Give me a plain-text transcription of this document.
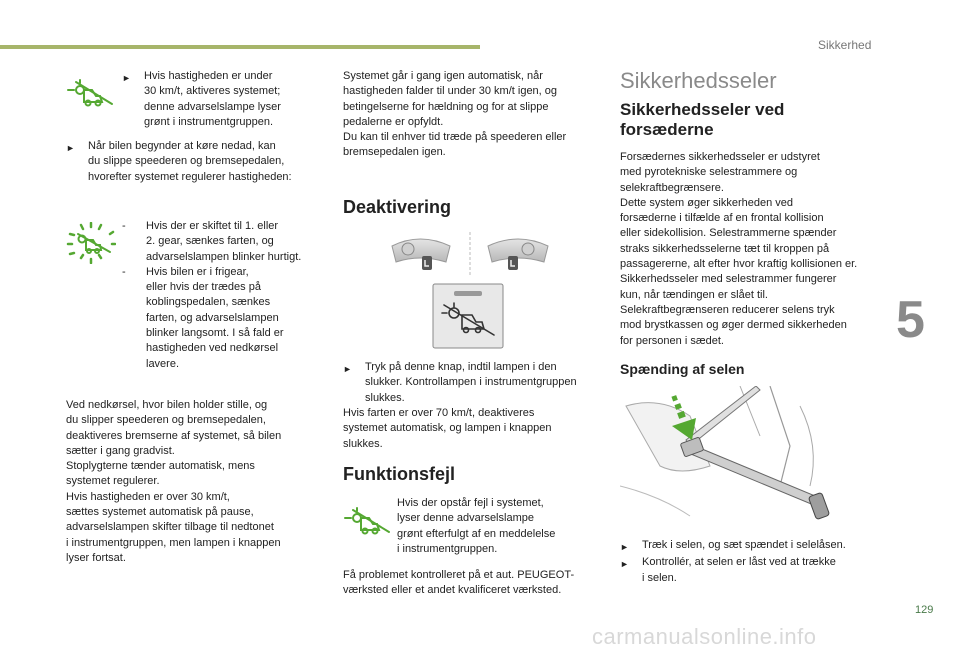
Sikkerhed
5
129
carmanualsonline.info
►	Hvis hastigheden er under
30 km/t, aktiveres systemet;
denne advarselslampe lyser
grønt i instrumentgruppen.
►	Når bilen begynder at køre nedad, kan
du slippe speederen og bremsepedalen,
hvorefter systemet regulerer hastigheden:
-	Hvis der er skiftet til 1. eller
2. gear, sænkes farten, og
advarselslampen blinker hurtigt.
-	Hvis bilen er i frigear,
eller hvis der trædes på
koblingspedalen, sænkes
farten, og advarselslampen
blinker langsomt. I så fald er
hastigheden ved nedkørsel
lavere.
Ved nedkørsel, hvor bilen holder stille, og
du slipper speederen og bremsepedalen,
deaktiveres bremserne af systemet, så bilen
sætter i gang gradvist.
Stoplygterne tænder automatisk, mens
systemet regulerer.
Hvis hastigheden er over 30 km/t,
sættes systemet automatisk på pause,
advarselslampen skifter tilbage til nedtonet
i instrumentgruppen, men lampen i knappen
lyser fortsat.
Systemet går i gang igen automatisk, når
hastigheden falder til under 30 km/t igen, og
betingelserne for hældning og for at slippe
pedalerne er opfyldt.
Du kan til enhver tid træde på speederen eller
bremsepedalen igen.
Deaktivering
►	Tryk på denne knap, indtil lampen i den
slukker. Kontrollampen i instrumentgruppen
slukkes.
Hvis farten er over 70 km/t, deaktiveres
systemet automatisk, og lampen i knappen
slukkes.
Funktionsfejl
Hvis der opstår fejl i systemet,
lyser denne advarselslampe
grønt efterfulgt af en meddelelse
i instrumentgruppen.
Få problemet kontrolleret på et aut. PEUGEOT-
værksted eller et andet kvalificeret værksted.
Sikkerhedsseler
Sikkerhedsseler ved
forsæderne
Forsædernes sikkerhedsseler er udstyret
med pyrotekniske selestrammere og
selekraftbegrænsere.
Dette system øger sikkerheden ved
forsæderne i tilfælde af en frontal kollision
eller sidekollision. Selestrammerne spænder
straks sikkerhedsselerne tæt til kroppen på
passagererne, alt efter hvor kraftig kollisionen er.
Sikkerhedsseler med selestrammer fungerer
kun, når tændingen er slået til.
Selekraftbegrænseren reducerer selens tryk
mod brystkassen og øger dermed sikkerheden
for personen i sædet.
Spænding af selen
►	Træk i selen, og sæt spændet i selelåsen.
►	Kontrollér, at selen er låst ved at trække
i selen.
